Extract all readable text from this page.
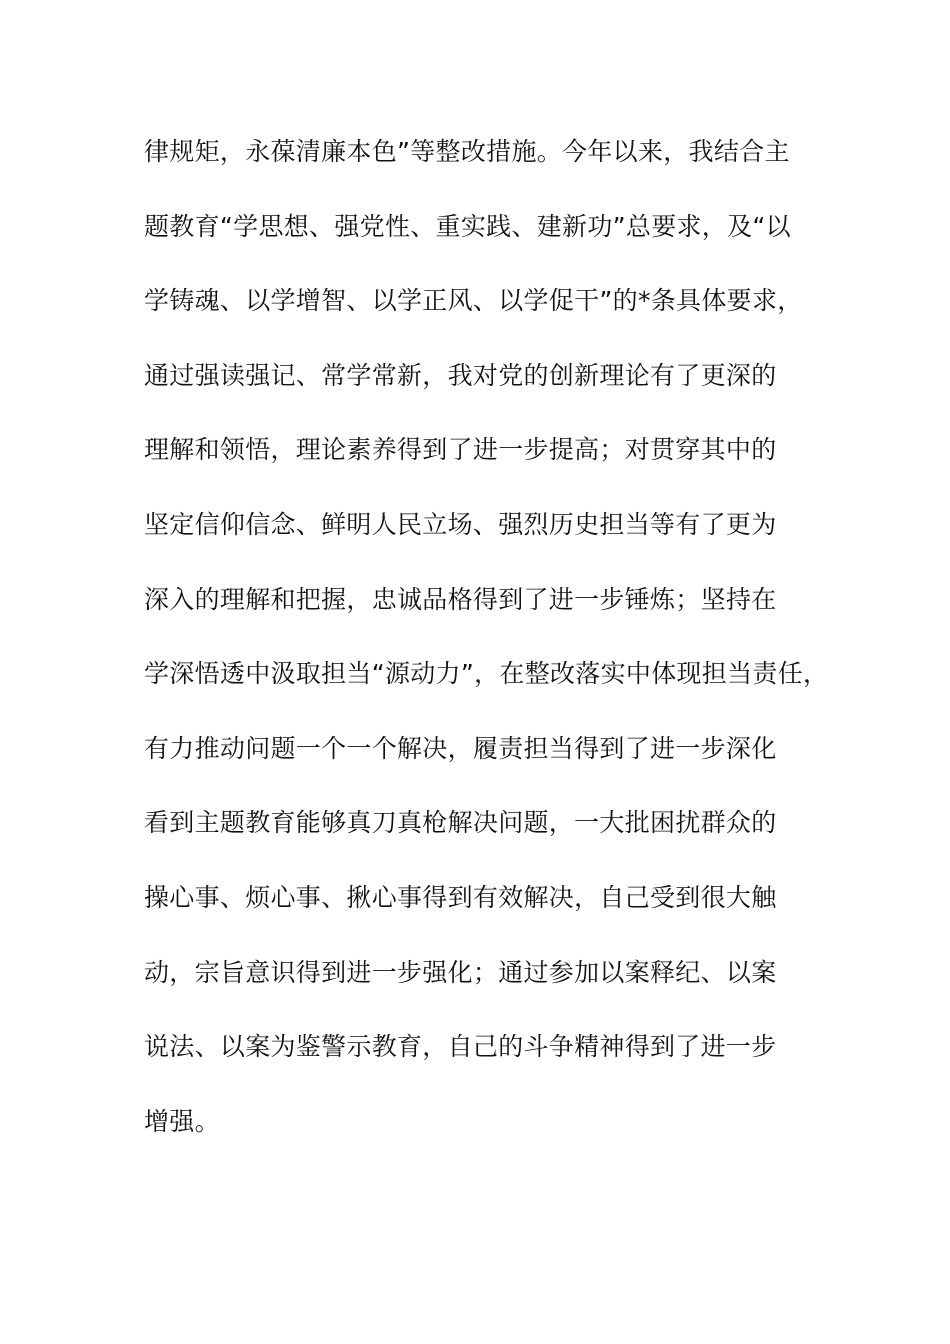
律规矩，永葆清廉本色”等整改措施。今年以来，我结合主
题教育“学思想、强党性、重实践、建新功”总要求，及“以
学铸魂、以学增智、以学正风、以学促干”的*条具体要求，
通过强读强记、常学常新，我对党的创新理论有了更深的
理解和领悟，理论素养得到了进一步提高；对贯穿其中的
坚定信仰信念、鲜明人民立场、强烈历史担当等有了更为
深入的理解和把握，忠诚品格得到了进一步锤炼；坚持在
学深悟透中汲取担当“源动力”，在整改落实中体现担当责任，
有力推动问题一个一个解决，履责担当得到了进一步深化
看到主题教育能够真刀真枪解决问题，一大批困扰群众的
操心事、烦心事、揪心事得到有效解决，自己受到很大触
动，宗旨意识得到进一步强化；通过参加以案释纪、以案
说法、以案为鉴警示教育，自己的斗争精神得到了进一步
增强。
